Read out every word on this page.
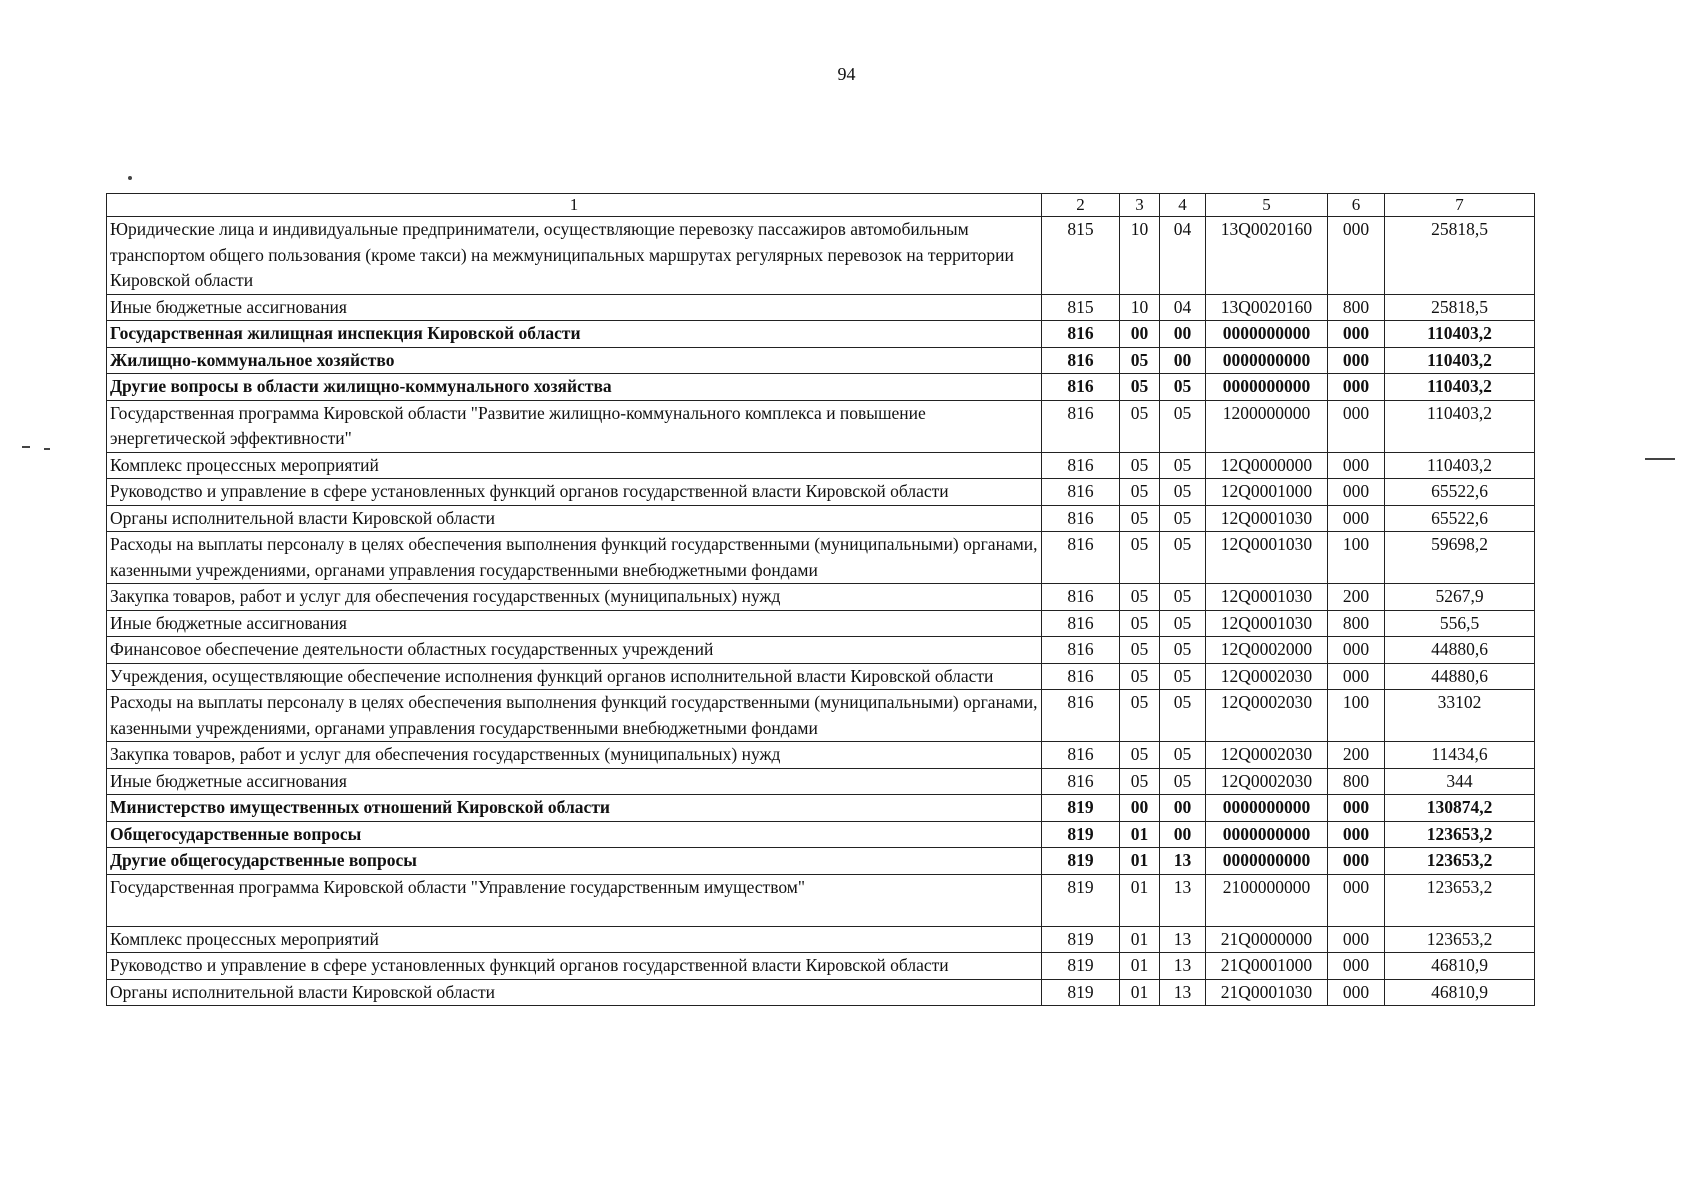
94
1	2	3	4	5	6	7
Юридические лица и индивидуальные предприниматели, осуществляющие перевозку пассажиров автомобильным транспортом общего пользования (кроме такси) на межмуниципальных маршрутах регулярных перевозок на территории Кировской области	815	10	04	13Q0020160	000	25818,5
Иные бюджетные ассигнования	815	10	04	13Q0020160	800	25818,5
Государственная жилищная инспекция Кировской области	816	00	00	0000000000	000	110403,2
Жилищно-коммунальное хозяйство	816	05	00	0000000000	000	110403,2
Другие вопросы в области жилищно-коммунального хозяйства	816	05	05	0000000000	000	110403,2
Государственная программа Кировской области "Развитие жилищно-коммунального комплекса и повышение энергетической эффективности"	816	05	05	1200000000	000	110403,2
Комплекс процессных мероприятий	816	05	05	12Q0000000	000	110403,2
Руководство и управление в сфере установленных функций органов государственной власти Кировской области	816	05	05	12Q0001000	000	65522,6
Органы исполнительной власти Кировской области	816	05	05	12Q0001030	000	65522,6
Расходы на выплаты персоналу в целях обеспечения выполнения функций государственными (муниципальными) органами, казенными учреждениями, органами управления государственными внебюджетными фондами	816	05	05	12Q0001030	100	59698,2
Закупка товаров, работ и услуг для обеспечения государственных (муниципальных) нужд	816	05	05	12Q0001030	200	5267,9
Иные бюджетные ассигнования	816	05	05	12Q0001030	800	556,5
Финансовое обеспечение деятельности областных государственных учреждений	816	05	05	12Q0002000	000	44880,6
Учреждения, осуществляющие обеспечение исполнения функций органов исполнительной власти Кировской области	816	05	05	12Q0002030	000	44880,6
Расходы на выплаты персоналу в целях обеспечения выполнения функций государственными (муниципальными) органами, казенными учреждениями, органами управления государственными внебюджетными фондами	816	05	05	12Q0002030	100	33102
Закупка товаров, работ и услуг для обеспечения государственных (муниципальных) нужд	816	05	05	12Q0002030	200	11434,6
Иные бюджетные ассигнования	816	05	05	12Q0002030	800	344
Министерство имущественных отношений Кировской области	819	00	00	0000000000	000	130874,2
Общегосударственные вопросы	819	01	00	0000000000	000	123653,2
Другие общегосударственные вопросы	819	01	13	0000000000	000	123653,2
Государственная программа Кировской области "Управление государственным имуществом"	819	01	13	2100000000	000	123653,2
Комплекс процессных мероприятий	819	01	13	21Q0000000	000	123653,2
Руководство и управление в сфере установленных функций органов государственной власти Кировской области	819	01	13	21Q0001000	000	46810,9
Органы исполнительной власти Кировской области	819	01	13	21Q0001030	000	46810,9
